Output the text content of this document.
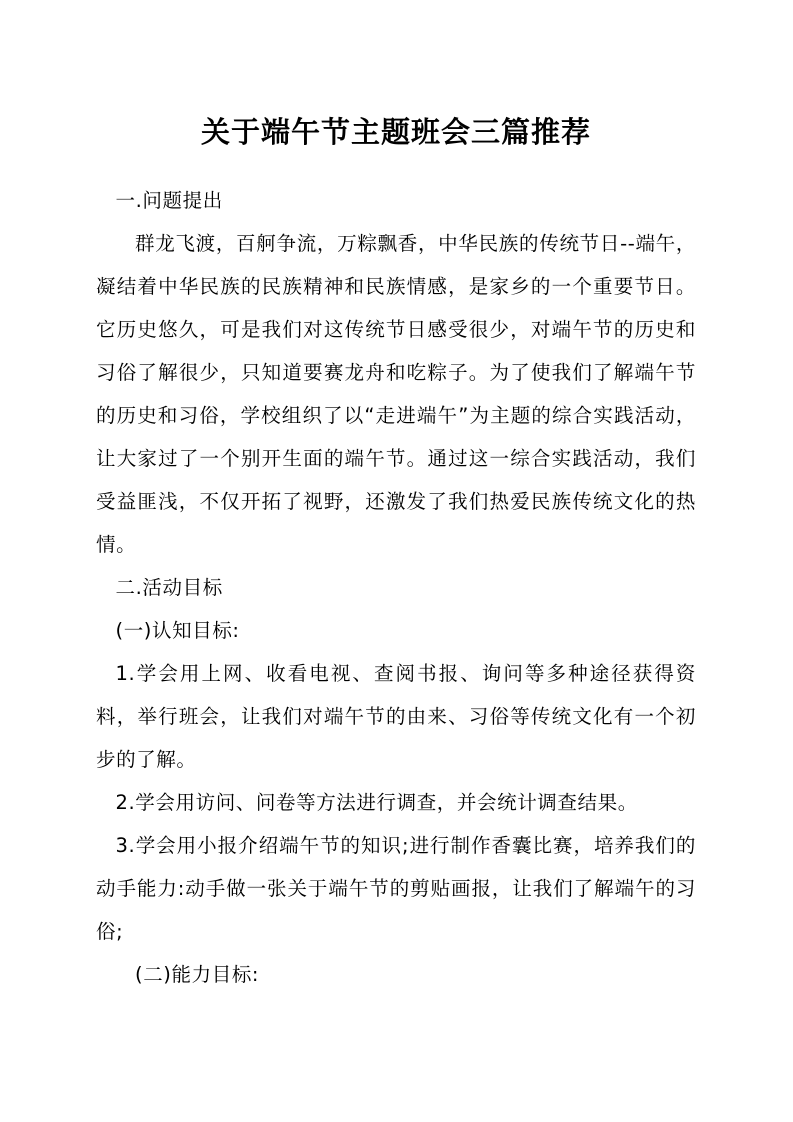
关于端午节主题班会三篇推荐

一.问题提出

群龙飞渡，百舸争流，万粽飘香，中华民族的传统节日--端午，凝结着中华民族的民族精神和民族情感，是家乡的一个重要节日。它历史悠久，可是我们对这传统节日感受很少，对端午节的历史和习俗了解很少，只知道要赛龙舟和吃粽子。为了使我们了解端午节的历史和习俗，学校组织了以“走进端午”为主题的综合实践活动，让大家过了一个别开生面的端午节。通过这一综合实践活动，我们受益匪浅，不仅开拓了视野，还激发了我们热爱民族传统文化的热情。

二.活动目标

(一)认知目标:

1.学会用上网、收看电视、查阅书报、询问等多种途径获得资料，举行班会，让我们对端午节的由来、习俗等传统文化有一个初步的了解。

2.学会用访问、问卷等方法进行调查，并会统计调查结果。

3.学会用小报介绍端午节的知识;进行制作香囊比赛，培养我们的动手能力:动手做一张关于端午节的剪贴画报，让我们了解端午的习俗;

(二)能力目标:
